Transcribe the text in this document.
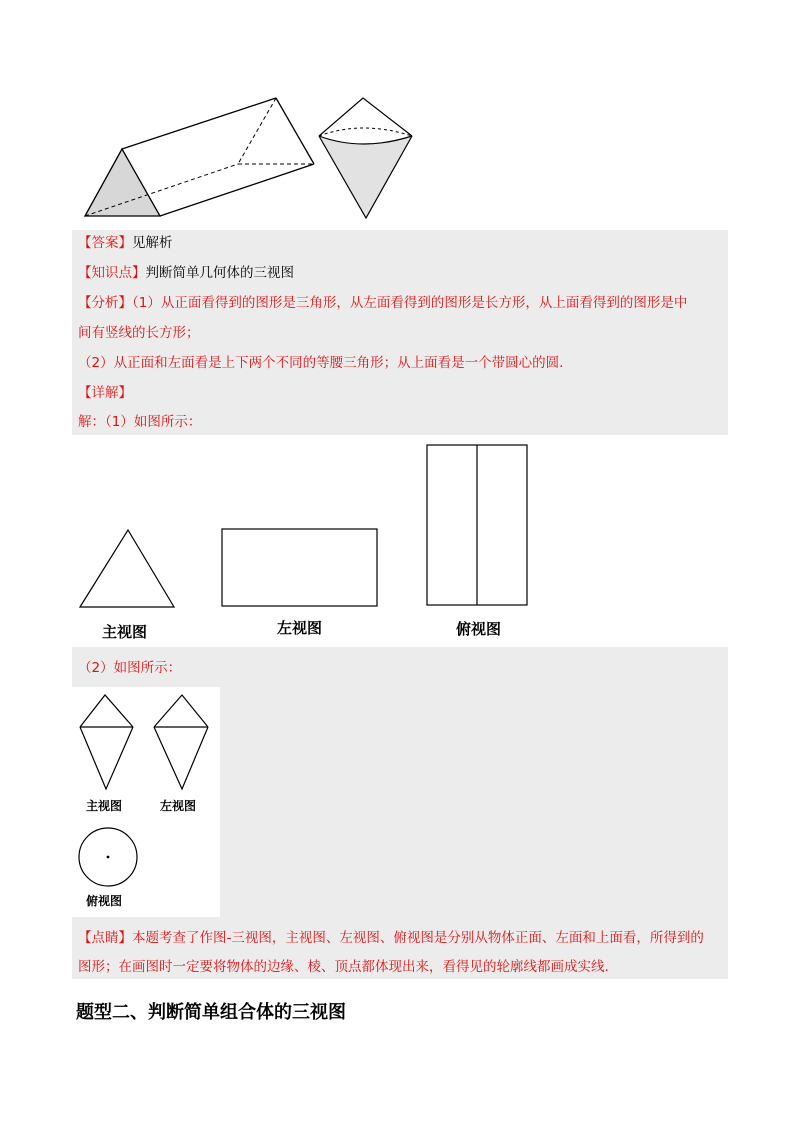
【答案】见解析
【知识点】判断简单几何体的三视图
【分析】（1）从正面看得到的图形是三角形，从左面看得到的图形是长方形，从上面看得到的图形是中
间有竖线的长方形；
（2）从正面和左面看是上下两个不同的等腰三角形；从上面看是一个带圆心的圆.
【详解】
解：（1）如图所示：
主视图	左视图	俯视图
（2）如图所示：
主视图	左视图
俯视图
【点睛】本题考查了作图-三视图，主视图、左视图、俯视图是分别从物体正面、左面和上面看，所得到的
图形；在画图时一定要将物体的边缘、棱、顶点都体现出来，看得见的轮廓线都画成实线.
题型二、判断简单组合体的三视图
